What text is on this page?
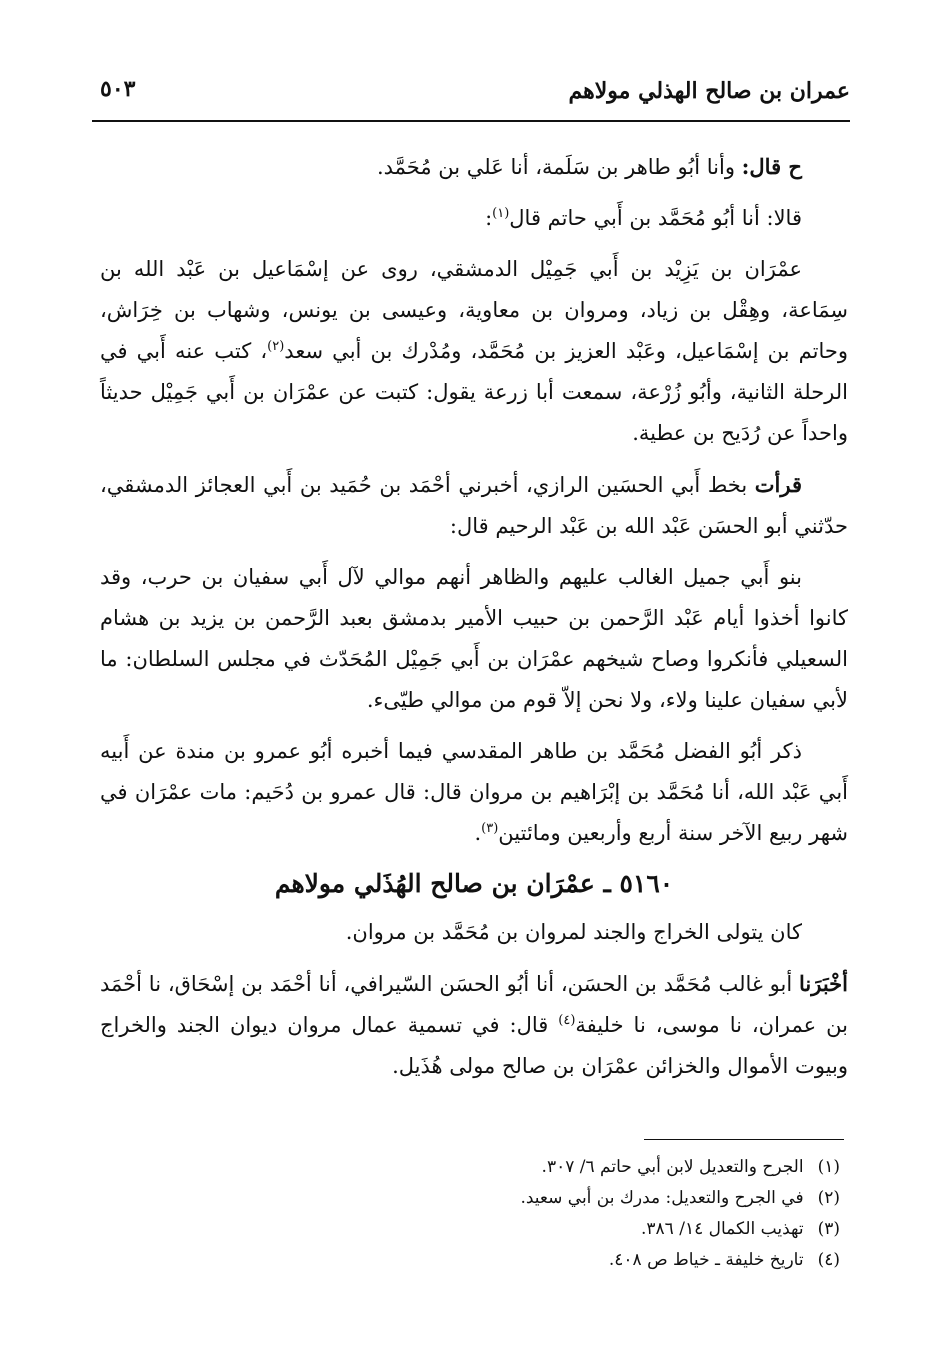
عمران بن صالح الهذلي مولاهم
٥٠٣

ح قال: وأنا أبُو طاهر بن سَلَمة، أنا عَلي بن مُحَمَّد.

قالا: أنا أبُو مُحَمَّد بن أَبي حاتم قال$^{(١)}$:

عمْرَان بن يَزِيْد بن أَبي جَمِيْل الدمشقي، روى عن إسْمَاعيل بن عَبْد الله بن سِمَاعة، وهِقْل بن زياد، ومروان بن معاوية، وعيسى بن يونس، وشهاب بن خِرَاش، وحاتم بن إسْمَاعيل، وعَبْد العزيز بن مُحَمَّد، ومُدْرك بن أبي سعد$^{(٢)}$، كتب عنه أَبي في الرحلة الثانية، وأبُو زُرْعة، سمعت أبا زرعة يقول: كتبت عن عمْرَان بن أَبي جَمِيْل حديثاً واحداً عن رُدَيح بن عطية.

قرأت بخط أَبي الحسَين الرازي، أخبرني أحْمَد بن حُمَيد بن أَبي العجائز الدمشقي، حدّثني أبو الحسَن عَبْد الله بن عَبْد الرحيم قال:

بنو أَبي جميل الغالب عليهم والظاهر أنهم موالي لآل أَبي سفيان بن حرب، وقد كانوا أخذوا أيام عَبْد الرَّحمن بن حبيب الأمير بدمشق بعبد الرَّحمن بن يزيد بن هشام السعيلي فأنكروا وصاح شيخهم عمْرَان بن أَبي جَمِيْل المُحَدّث في مجلس السلطان: ما لأبي سفيان علينا ولاء، ولا نحن إلاّ قوم من موالي طيّىء.

ذكر أبُو الفضل مُحَمَّد بن طاهر المقدسي فيما أخبره أبُو عمرو بن مندة عن أَبيه أَبي عَبْد الله، أنا مُحَمَّد بن إبْرَاهيم بن مروان قال: قال عمرو بن دُحَيم: مات عمْرَان في شهر ربيع الآخر سنة أربع وأربعين ومائتين$^{(٣)}$.

٥١٦٠ ـ عمْرَان بن صالح الهُذَلي مولاهم

كان يتولى الخراج والجند لمروان بن مُحَمَّد بن مروان.

أخْبَرَنا أبو غالب مُحَمَّد بن الحسَن، أنا أبُو الحسَن السّيرافي، أنا أحْمَد بن إسْحَاق، نا أحْمَد بن عمران، نا موسى، نا خليفة$^{(٤)}$ قال: في تسمية عمال مروان ديوان الجند والخراج وبيوت الأموال والخزائن عمْرَان بن صالح مولى هُذَيل.

(١)
الجرح والتعديل لابن أبي حاتم ٦/ ٣٠٧.
(٢)
في الجرح والتعديل: مدرك بن أبي سعيد.
(٣)
تهذيب الكمال ١٤/ ٣٨٦.
(٤)
تاريخ خليفة ـ خياط ص ٤٠٨.
